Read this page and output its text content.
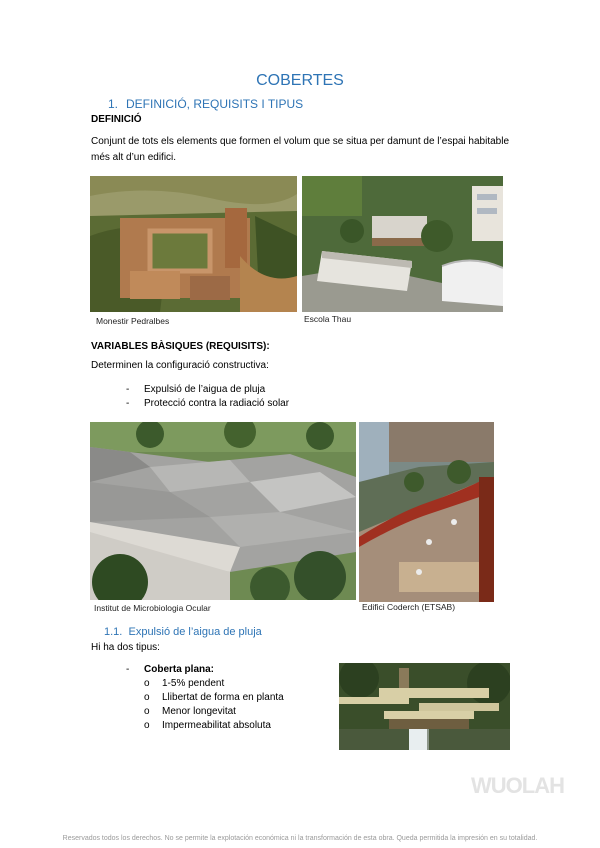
COBERTES
1. DEFINICIÓ, REQUISITS I TIPUS
DEFINICIÓ
Conjunt de tots els elements que formen el volum que se situa per damunt de l’espai habitable
més alt d’un edifici.
Monestir Pedralbes	Escola Thau
VARIABLES BÀSIQUES (REQUISITS):
Determinen la configuració constructiva:
- Expulsió de l’aigua de pluja
- Protecció contra la radiació solar
Institut de Microbiologia Ocular	Edifici Coderch (ETSAB)
1.1. Expulsió de l’aigua de pluja
Hi ha dos tipus:
- Coberta plana:
o 1-5% pendent
o Llibertat de forma en planta
o Menor longevitat
o Impermeabilitat absoluta
WUOLAH
Reservados todos los derechos. No se permite la explotación económica ni la transformación de esta obra. Queda permitida la impresión en su totalidad.
